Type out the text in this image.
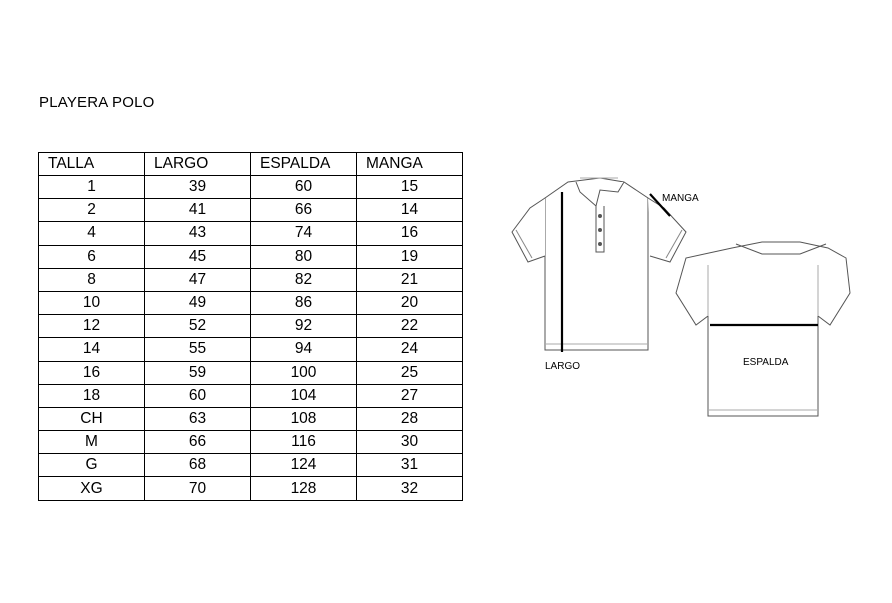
PLAYERA POLO
TALLA	LARGO	ESPALDA	MANGA
1	39	60	15
2	41	66	14
4	43	74	16
6	45	80	19
8	47	82	21
10	49	86	20
12	52	92	22
14	55	94	24
16	59	100	25
18	60	104	27
CH	63	108	28
M	66	116	30
G	68	124	31
XG	70	128	32
MANGA
LARGO	ESPALDA
